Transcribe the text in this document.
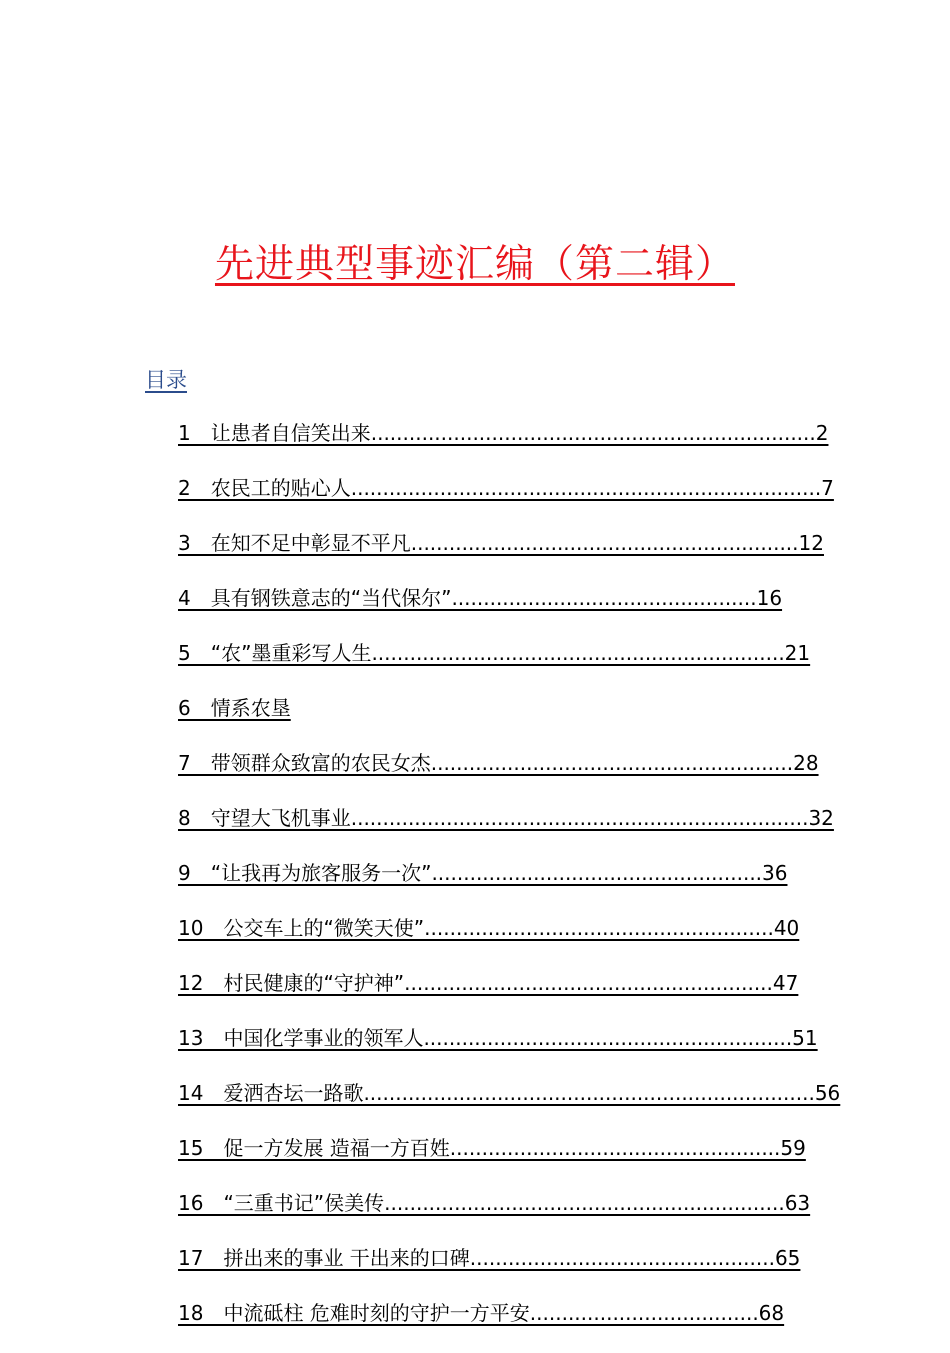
先进典型事迹汇编（第二辑）
目录
1　让患者自信笑出来......................................................................2
2　农民工的贴心人..........................................................................7
3　在知不足中彰显不平凡.............................................................12
4　具有钢铁意志的“当代保尔”................................................16
5　“农”墨重彩写人生.................................................................21
6　情系农垦
7　带领群众致富的农民女杰.........................................................28
8　守望大飞机事业........................................................................32
9　“让我再为旅客服务一次”....................................................36
10　公交车上的“微笑天使”.......................................................40
12　村民健康的“守护神”..........................................................47
13　中国化学事业的领军人..........................................................51
14　爱洒杏坛一路歌.......................................................................56
15　促一方发展 造福一方百姓....................................................59
16　“三重书记”侯美传...............................................................63
17　拼出来的事业 干出来的口碑................................................65
18　中流砥柱 危难时刻的守护一方平安....................................68
